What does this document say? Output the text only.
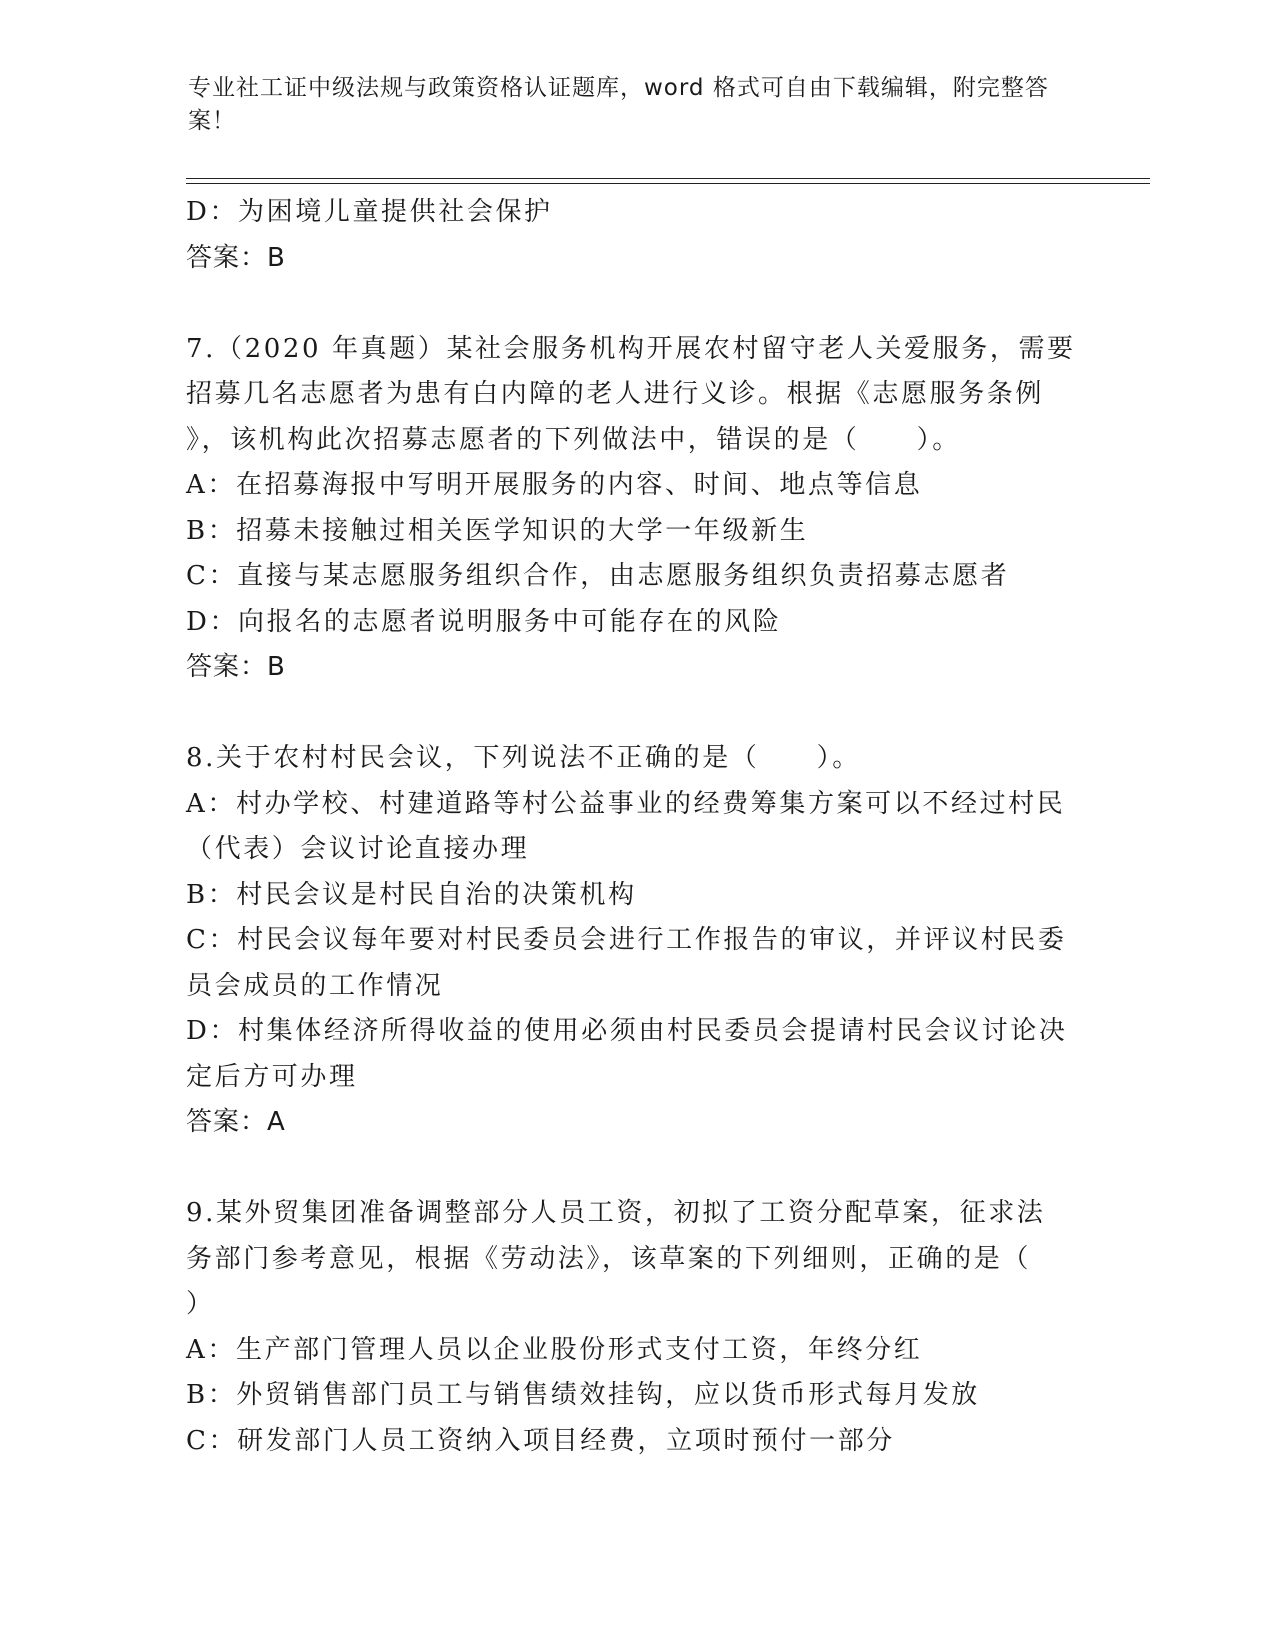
专业社工证中级法规与政策资格认证题库，word 格式可自由下载编辑，附完整答
案！

D：为困境儿童提供社会保护

答案：B

7.（2020 年真题）某社会服务机构开展农村留守老人关爱服务，需要

招募几名志愿者为患有白内障的老人进行义诊。根据《志愿服务条例

》，该机构此次招募志愿者的下列做法中，错误的是（　　）。

A：在招募海报中写明开展服务的内容、时间、地点等信息

B：招募未接触过相关医学知识的大学一年级新生

C：直接与某志愿服务组织合作，由志愿服务组织负责招募志愿者

D：向报名的志愿者说明服务中可能存在的风险

答案：B

8.关于农村村民会议，下列说法不正确的是（　　）。

A：村办学校、村建道路等村公益事业的经费筹集方案可以不经过村民

（代表）会议讨论直接办理

B：村民会议是村民自治的决策机构

C：村民会议每年要对村民委员会进行工作报告的审议，并评议村民委

员会成员的工作情况

D：村集体经济所得收益的使用必须由村民委员会提请村民会议讨论决

定后方可办理

答案：A

9.某外贸集团准备调整部分人员工资，初拟了工资分配草案，征求法

务部门参考意见，根据《劳动法》，该草案的下列细则，正确的是（

）

A：生产部门管理人员以企业股份形式支付工资，年终分红

B：外贸销售部门员工与销售绩效挂钩，应以货币形式每月发放

C：研发部门人员工资纳入项目经费，立项时预付一部分
